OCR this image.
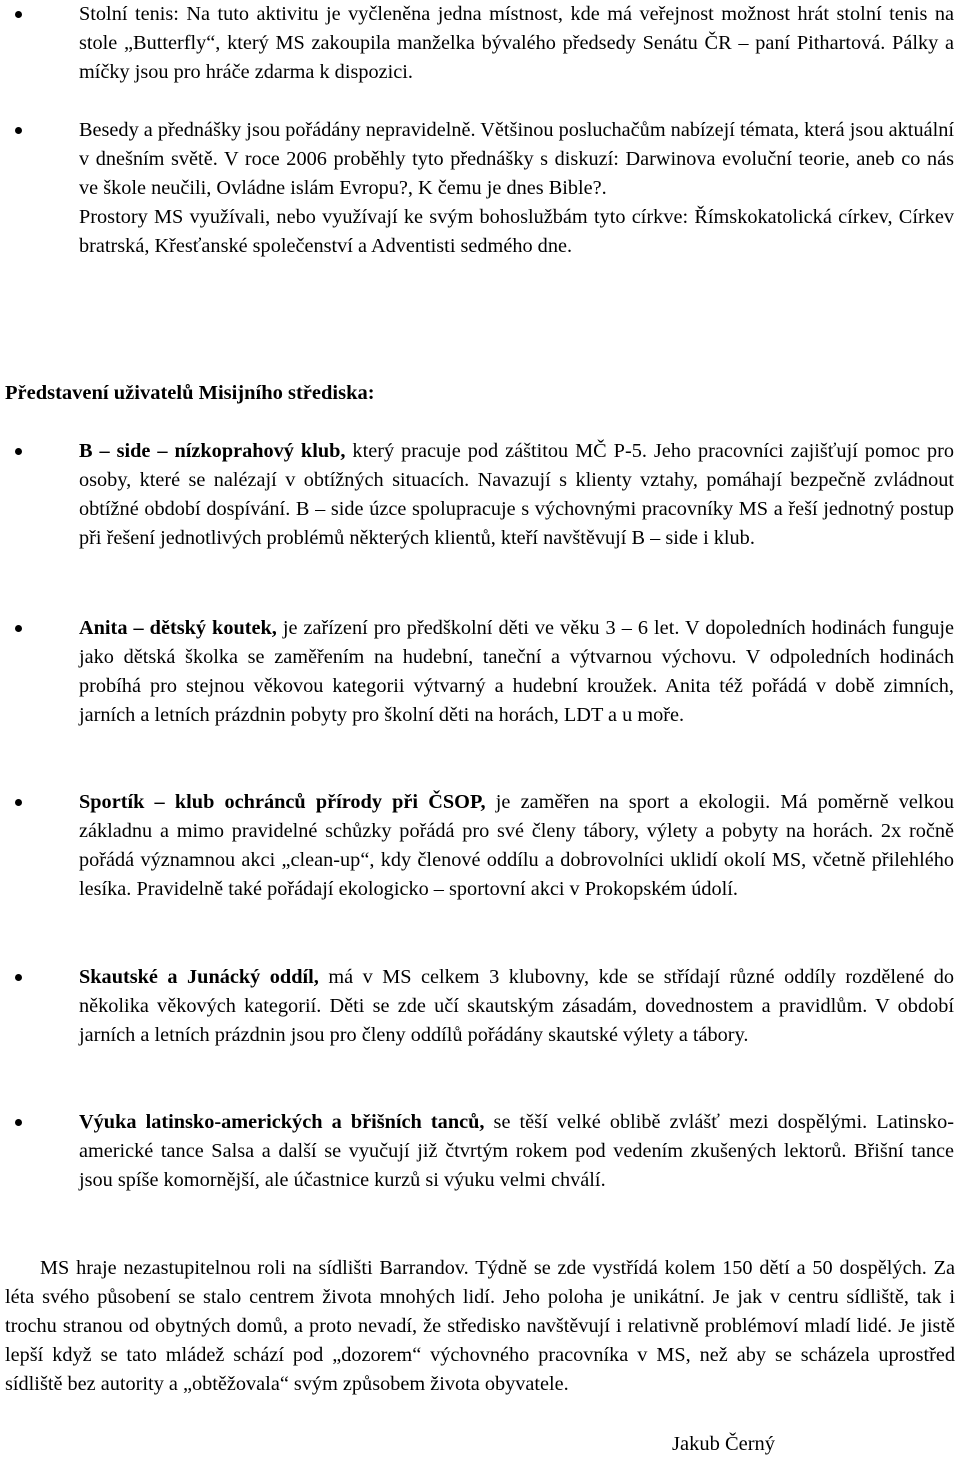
Stolní tenis: Na tuto aktivitu je vyčleněna jedna místnost, kde má veřejnost možnost hrát stolní tenis na stole „Butterfly“, který MS zakoupila manželka bývalého předsedy Senátu ČR – paní Pithartová. Pálky a míčky jsou pro hráče zdarma k dispozici.
Besedy a přednášky jsou pořádány nepravidelně. Většinou posluchačům nabízejí témata, která jsou aktuální v dnešním světě. V roce 2006 proběhly tyto přednášky s diskuzí: Darwinova evoluční teorie, aneb co nás ve škole neučili, Ovládne islám Evropu?, K čemu je dnes Bible?.
Prostory MS využívali, nebo využívají ke svým bohoslužbám tyto církve: Římskokatolická církev, Církev bratrská, Křesťanské společenství a Adventisti sedmého dne.
Představení uživatelů Misijního střediska:
B – side – nízkoprahový klub, který pracuje pod záštitou MČ P-5. Jeho pracovníci zajišťují pomoc pro osoby, které se nalézají v obtížných situacích. Navazují s klienty vztahy, pomáhají bezpečně zvládnout obtížné období dospívání. B – side úzce spolupracuje s výchovnými pracovníky MS a řeší jednotný postup při řešení jednotlivých problémů některých klientů, kteří navštěvují B – side i klub.
Anita – dětský koutek, je zařízení pro předškolní děti ve věku 3 – 6 let. V dopoledních hodinách funguje jako dětská školka se zaměřením na hudební, taneční a výtvarnou výchovu. V odpoledních hodinách probíhá pro stejnou věkovou kategorii výtvarný a hudební kroužek. Anita též pořádá v době zimních, jarních a letních prázdnin pobyty pro školní děti na horách, LDT a u moře.
Sportík – klub ochránců přírody při ČSOP, je zaměřen na sport a ekologii. Má poměrně velkou základnu a mimo pravidelné schůzky pořádá pro své členy tábory, výlety a pobyty na horách. 2x ročně pořádá významnou akci „clean-up“, kdy členové oddílu a dobrovolníci uklidí okolí MS, včetně přilehlého lesíka. Pravidelně také pořádají ekologicko – sportovní akci v Prokopském údolí.
Skautské a Junácký oddíl, má v MS celkem 3 klubovny, kde se střídají různé oddíly rozdělené do několika věkových kategorií. Děti se zde učí skautským zásadám, dovednostem a pravidlům. V období jarních a letních prázdnin jsou pro členy oddílů pořádány skautské výlety a tábory.
Výuka latinsko-amerických a břišních tanců, se těší velké oblibě zvlášť mezi dospělými. Latinsko-americké tance Salsa a další se vyučují již čtvrtým rokem pod vedením zkušených lektorů. Břišní tance jsou spíše komornější, ale účastnice kurzů si výuku velmi chválí.
MS hraje nezastupitelnou roli na sídlišti Barrandov. Týdně se zde vystřídá kolem 150 dětí a 50 dospělých. Za léta svého působení se stalo centrem života mnohých lidí. Jeho poloha je unikátní. Je jak v centru sídliště, tak i trochu stranou od obytných domů, a proto nevadí, že středisko navštěvují i relativně problémoví mladí lidé. Je jistě lepší když se tato mládež schází pod „dozorem“ výchovného pracovníka v MS, než aby se scházela uprostřed sídliště bez autority a „obtěžovala“ svým způsobem života obyvatele.
Jakub Černý
